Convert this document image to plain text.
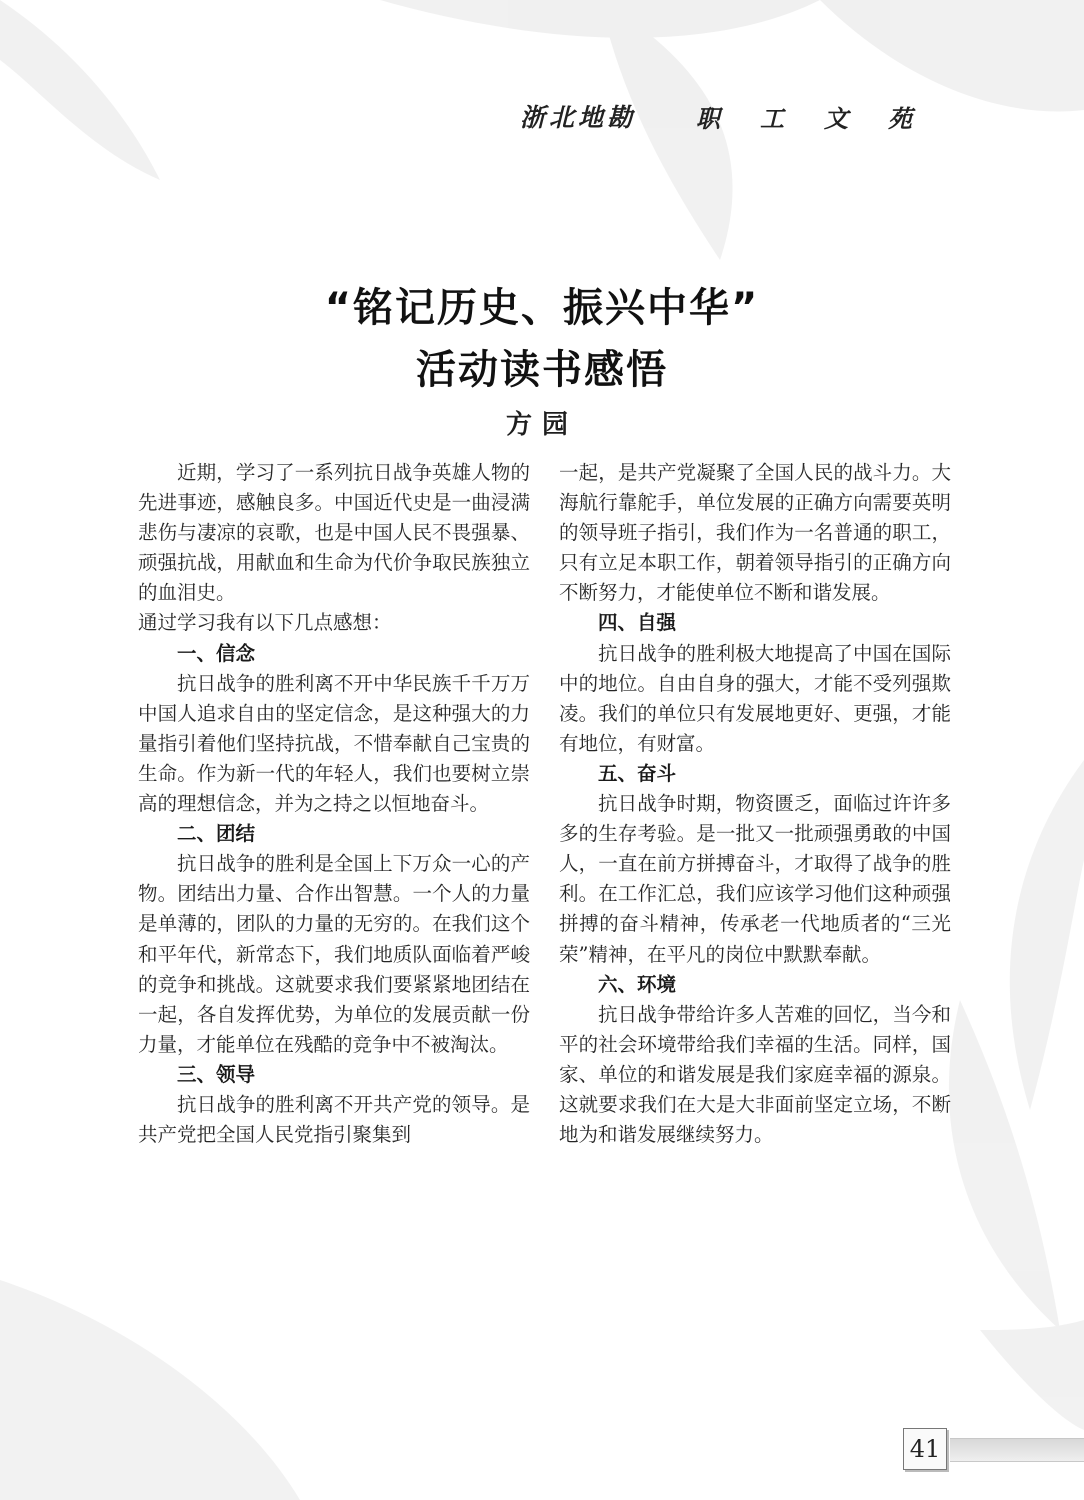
浙北地勘	职	工	文	苑
“铭记历史、振兴中华”
活动读书感悟
方园

近期，学习了一系列抗日战争英雄人物的先进事迹，感触良多。中国近代史是一曲浸满悲伤与凄凉的哀歌，也是中国人民不畏强暴、顽强抗战，用献血和生命为代价争取民族独立的血泪史。

通过学习我有以下几点感想：

一、信念

抗日战争的胜利离不开中华民族千千万万中国人追求自由的坚定信念，是这种强大的力量指引着他们坚持抗战，不惜奉献自己宝贵的生命。作为新一代的年轻人，我们也要树立崇高的理想信念，并为之持之以恒地奋斗。

二、团结

抗日战争的胜利是全国上下万众一心的产物。团结出力量、合作出智慧。一个人的力量是单薄的，团队的力量的无穷的。在我们这个和平年代，新常态下，我们地质队面临着严峻的竞争和挑战。这就要求我们要紧紧地团结在一起，各自发挥优势，为单位的发展贡献一份力量，才能单位在残酷的竞争中不被淘汰。

三、领导

抗日战争的胜利离不开共产党的领导。是共产党把全国人民党指引聚集到

一起，是共产党凝聚了全国人民的战斗力。大海航行靠舵手，单位发展的正确方向需要英明的领导班子指引，我们作为一名普通的职工，只有立足本职工作，朝着领导指引的正确方向不断努力，才能使单位不断和谐发展。

四、自强

抗日战争的胜利极大地提高了中国在国际中的地位。自由自身的强大，才能不受列强欺凌。我们的单位只有发展地更好、更强，才能有地位，有财富。

五、奋斗

抗日战争时期，物资匮乏，面临过许许多多的生存考验。是一批又一批顽强勇敢的中国人，一直在前方拼搏奋斗，才取得了战争的胜利。在工作汇总，我们应该学习他们这种顽强拼搏的奋斗精神，传承老一代地质者的“三光荣”精神，在平凡的岗位中默默奉献。

六、环境

抗日战争带给许多人苦难的回忆，当今和平的社会环境带给我们幸福的生活。同样，国家、单位的和谐发展是我们家庭幸福的源泉。这就要求我们在大是大非面前坚定立场，不断地为和谐发展继续努力。

41
